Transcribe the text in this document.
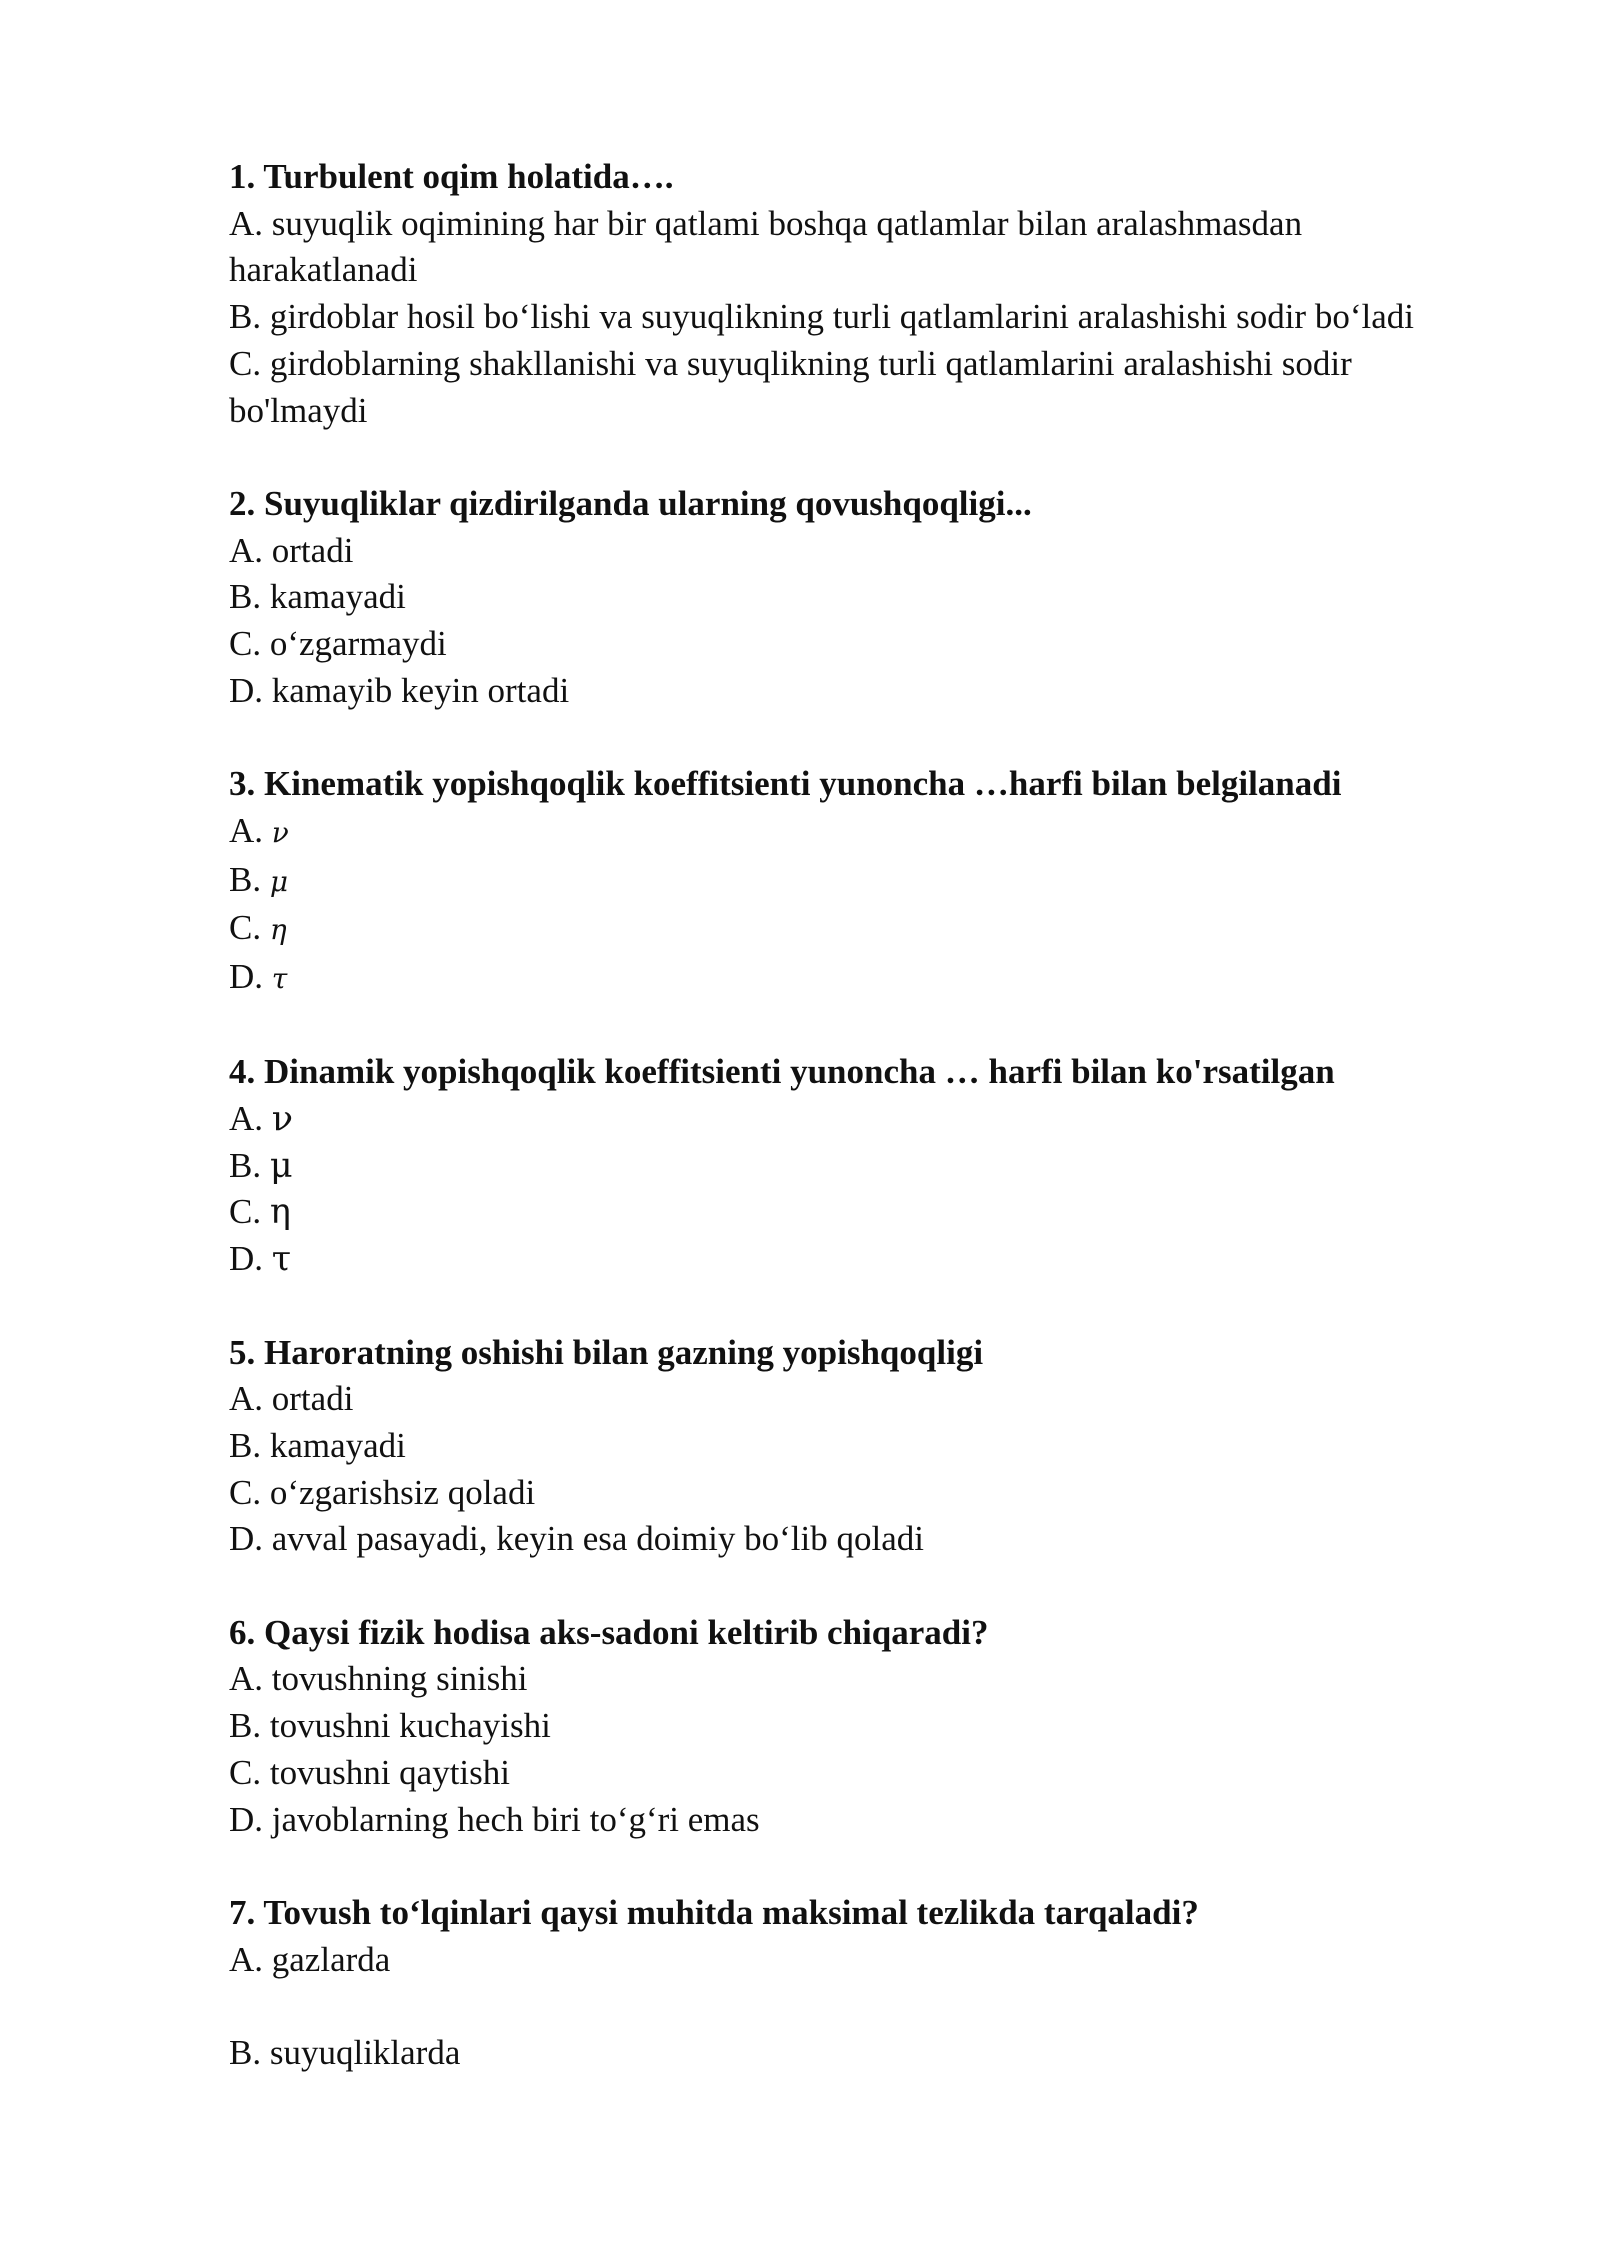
1. Turbulent oqim holatida….

A. suyuqlik oqimining har bir qatlami boshqa qatlamlar bilan aralashmasdan harakatlanadi

B. girdoblar hosil bo‘lishi va suyuqlikning turli qatlamlarini aralashishi sodir bo‘ladi

C. girdoblarning shakllanishi va suyuqlikning turli qatlamlarini aralashishi sodir bo'lmaydi

2. Suyuqliklar qizdirilganda ularning qovushqoqligi...

A. ortadi

B. kamayadi

C. o‘zgarmaydi

D. kamayib keyin ortadi

3. Kinematik yopishqoqlik koeffitsienti yunoncha …harfi bilan belgilanadi

A. ν

B. μ

C. η

D. τ

4. Dinamik yopishqoqlik koeffitsienti yunoncha … harfi bilan ko'rsatilgan

A. ν

B. μ

C. η

D. τ

5. Haroratning oshishi bilan gazning yopishqoqligi

A. ortadi

B. kamayadi

C. o‘zgarishsiz qoladi

D. avval pasayadi, keyin esa doimiy bo‘lib qoladi

6. Qaysi fizik hodisa aks-sadoni keltirib chiqaradi?

A. tovushning sinishi

B. tovushni kuchayishi

C. tovushni qaytishi

D. javoblarning hech biri to‘g‘ri emas

7. Tovush to‘lqinlari qaysi muhitda maksimal tezlikda tarqaladi?

A. gazlarda

B. suyuqliklarda
